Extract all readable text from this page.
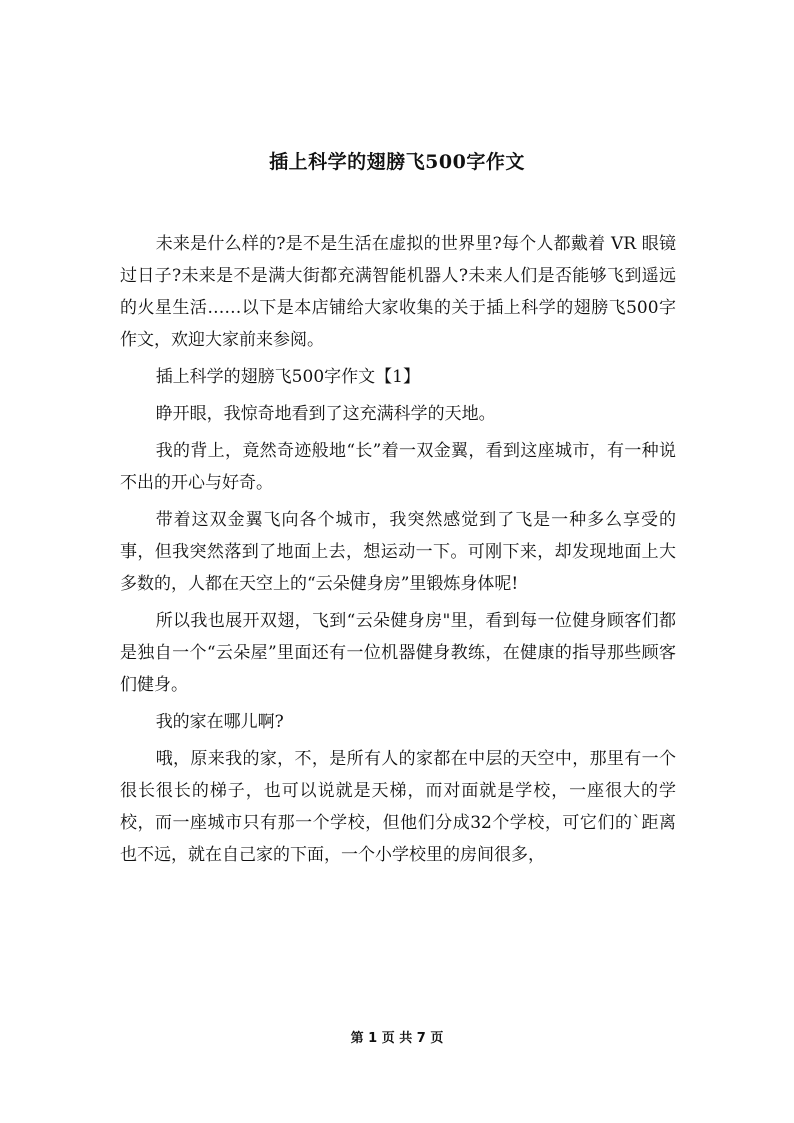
插上科学的翅膀飞500字作文

未来是什么样的?是不是生活在虚拟的世界里?每个人都戴着 VR 眼镜过日子?未来是不是满大街都充满智能机器人?未来人们是否能够飞到遥远的火星生活……以下是本店铺给大家收集的关于插上科学的翅膀飞500字作文，欢迎大家前来参阅。

插上科学的翅膀飞500字作文【1】

睁开眼，我惊奇地看到了这充满科学的天地。

我的背上，竟然奇迹般地“长”着一双金翼，看到这座城市，有一种说不出的开心与好奇。

带着这双金翼飞向各个城市，我突然感觉到了飞是一种多么享受的事，但我突然落到了地面上去，想运动一下。可刚下来，却发现地面上大多数的，人都在天空上的“云朵健身房”里锻炼身体呢!

所以我也展开双翅，飞到“云朵健身房"里，看到每一位健身顾客们都是独自一个“云朵屋”里面还有一位机器健身教练，在健康的指导那些顾客们健身。

我的家在哪儿啊?

哦，原来我的家，不，是所有人的家都在中层的天空中，那里有一个很长很长的梯子，也可以说就是天梯，而对面就是学校，一座很大的学校，而一座城市只有那一个学校，但他们分成32个学校，可它们的`距离也不远，就在自己家的下面，一个小学校里的房间很多，

第 1 页 共 7 页
